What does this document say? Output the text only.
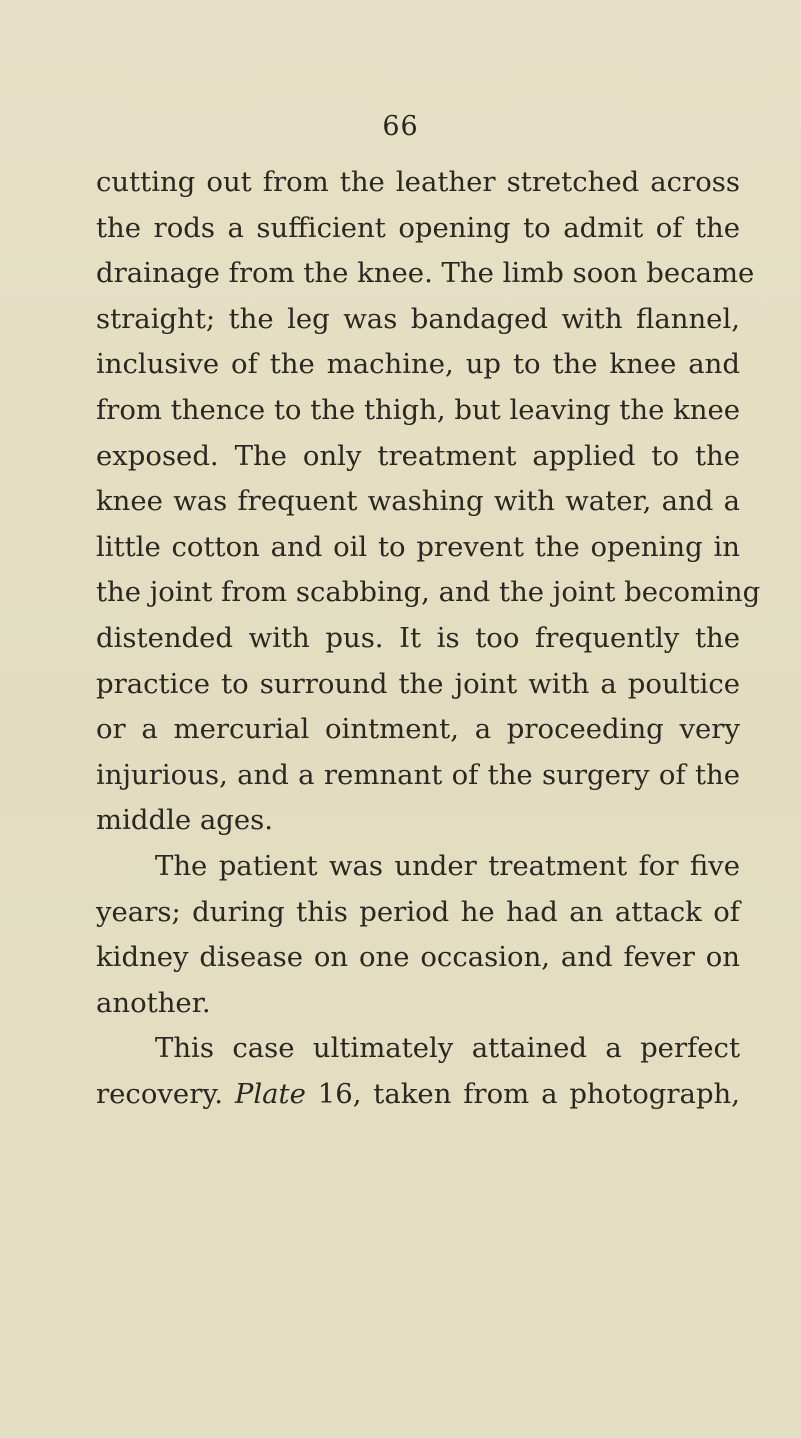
66
cutting out from the leather stretched across
the rods a sufficient opening to admit of the
drainage from the knee. The limb soon became
straight; the leg was bandaged with flannel,
inclusive of the machine, up to the knee and
from thence to the thigh, but leaving the knee
exposed. The only treatment applied to the
knee was frequent washing with water, and a
little cotton and oil to prevent the opening in
the joint from scabbing, and the joint becoming
distended with pus. It is too frequently the
practice to surround the joint with a poultice
or a mercurial ointment, a proceeding very
injurious, and a remnant of the surgery of the
middle ages.
The patient was under treatment for five
years; during this period he had an attack of
kidney disease on one occasion, and fever on
another.
This case ultimately attained a perfect
recovery. Plate 16, taken from a photograph,
